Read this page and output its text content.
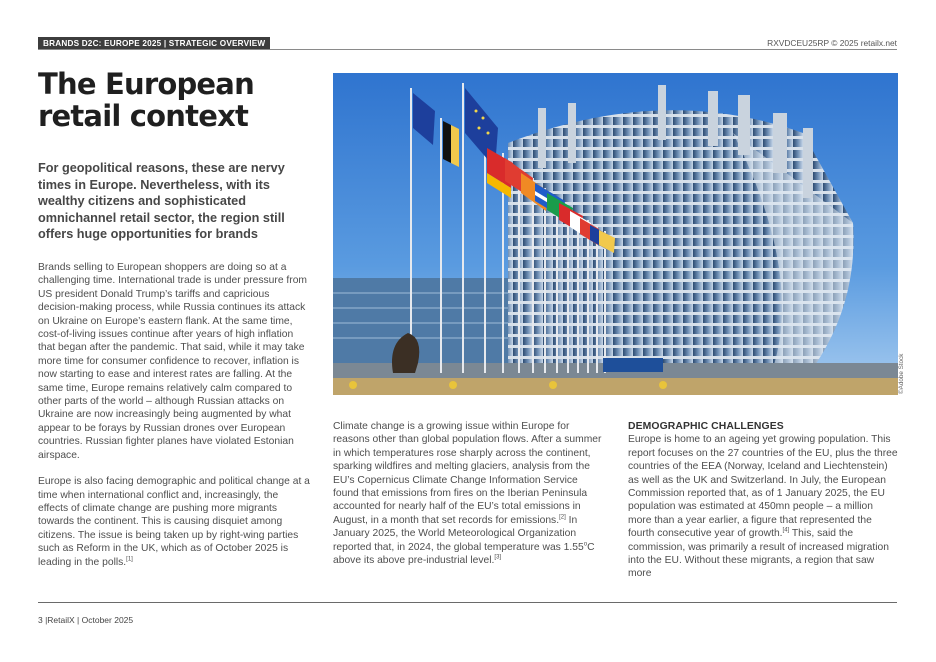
BRANDS D2C: EUROPE 2025 | STRATEGIC OVERVIEW	RXVDCEU25RP © 2025 retailx.net
The European retail context
For geopolitical reasons, these are nervy times in Europe. Nevertheless, with its wealthy citizens and sophisticated omnichannel retail sector, the region still offers huge opportunities for brands

Brands selling to European shoppers are doing so at a challenging time. International trade is under pressure from US president Donald Trump’s tariffs and capricious decision-making process, while Russia continues its attack on Ukraine on Europe’s eastern flank. At the same time, cost-of-living issues continue after years of high inflation that began after the pandemic. That said, while it may take more time for consumer confidence to recover, inflation is now starting to ease and interest rates are falling. At the same time, Europe remains relatively calm compared to other parts of the world – although Russian attacks on Ukraine are now increasingly being augmented by what appear to be forays by Russian drones over European countries. Russian fighter planes have violated Estonian airspace.

Europe is also facing demographic and political change at a time when international conflict and, increasingly, the effects of climate change are pushing more migrants towards the continent. This is causing disquiet among citizens. The issue is being taken up by right-wing parties such as Reform in the UK, which as of October 2025 is leading in the polls.[1]

©Adobe Stock

Climate change is a growing issue within Europe for reasons other than global population flows. After a summer in which temperatures rose sharply across the continent, sparking wildfires and melting glaciers, analysis from the EU’s Copernicus Climate Change Information Service found that emissions from fires on the Iberian Peninsula accounted for nearly half of the EU’s total emissions in August, in a month that set records for emissions.[2] In January 2025, the World Meteorological Organization reported that, in 2024, the global temperature was 1.55$^o$C above its above pre-industrial level.[3]

DEMOGRAPHIC CHALLENGES

Europe is home to an ageing yet growing population. This report focuses on the 27 countries of the EU, plus the three countries of the EEA (Norway, Iceland and Liechtenstein) as well as the UK and Switzerland. In July, the European Commission reported that, as of 1 January 2025, the EU population was estimated at 450mn people – a million more than a year earlier, a figure that represented the fourth consecutive year of growth.[4] This, said the commission, was primarily a result of increased migration into the EU. Without these migrants, a region that saw more

3 |RetailX | October 2025
